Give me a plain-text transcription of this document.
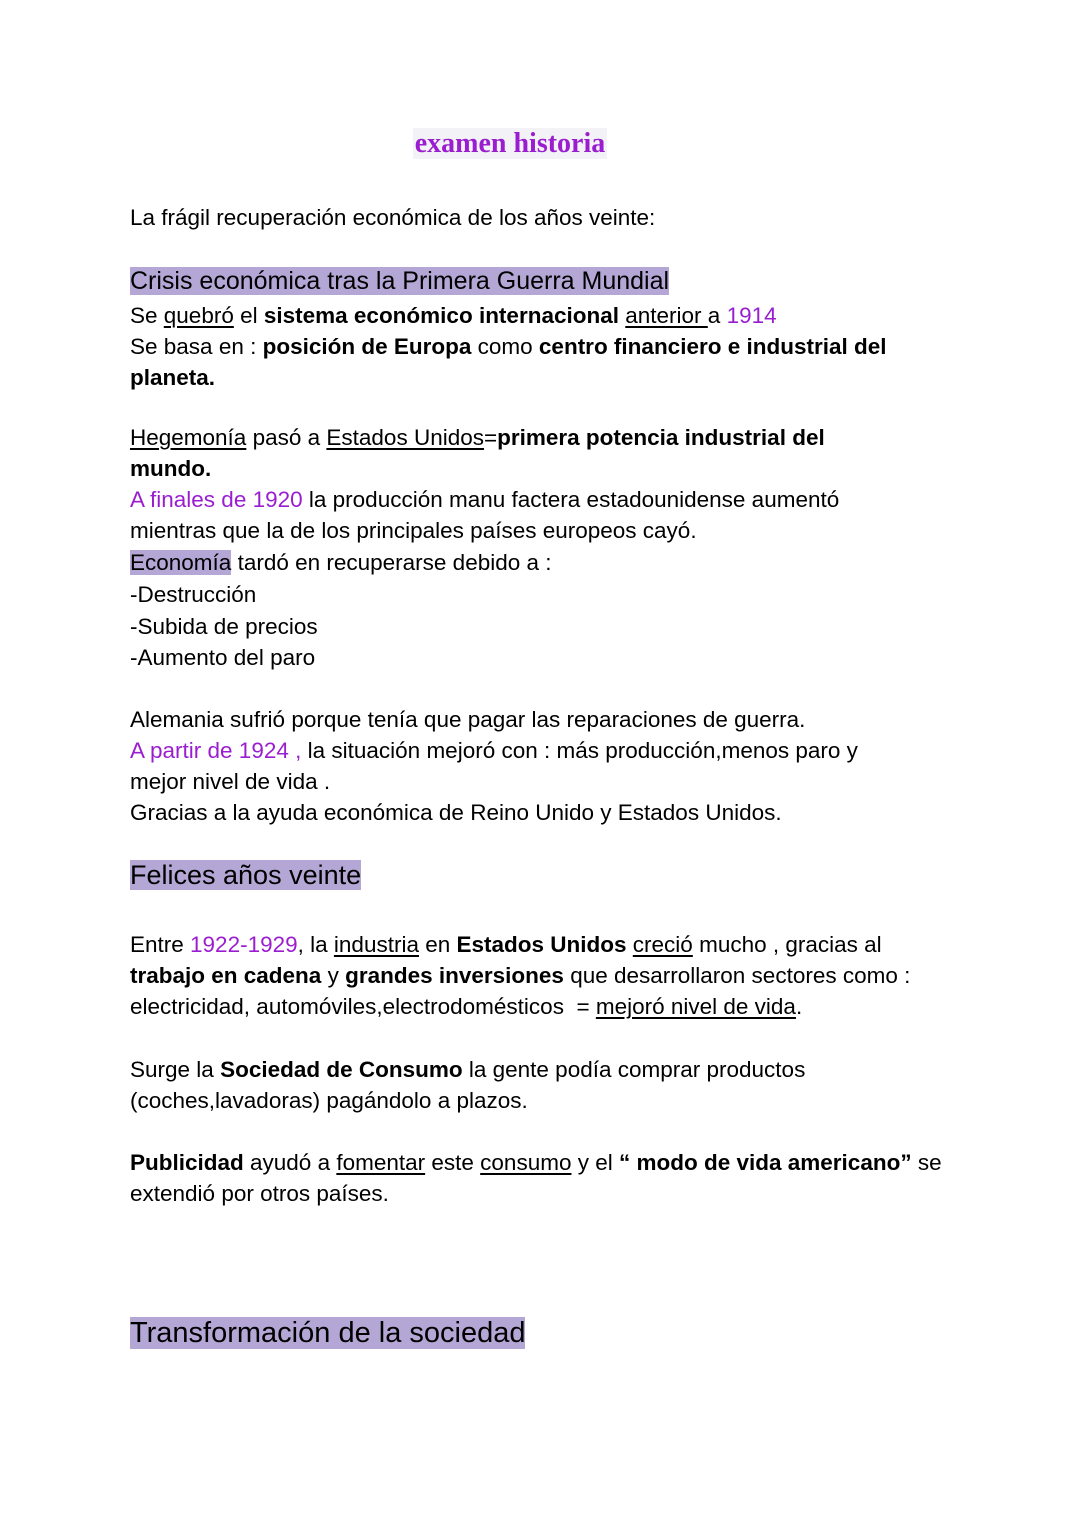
examen historia
La frágil recuperación económica de los años veinte:
Crisis económica tras la Primera Guerra Mundial
Se quebró el sistema económico internacional anterior a 1914
Se basa en : posición de Europa como centro financiero e industrial del
planeta.
Hegemonía pasó a Estados Unidos=primera potencia industrial del
mundo.
A finales de 1920 la producción manu factera estadounidense aumentó
mientras que la de los principales países europeos cayó.
Economía tardó en recuperarse debido a :
-Destrucción
-Subida de precios
-Aumento del paro
Alemania sufrió porque tenía que pagar las reparaciones de guerra.
A partir de 1924 , la situación mejoró con : más producción,menos paro y
mejor nivel de vida .
Gracias a la ayuda económica de Reino Unido y Estados Unidos.
Felices años veinte
Entre 1922-1929, la industria en Estados Unidos creció mucho , gracias al
trabajo en cadena y grandes inversiones que desarrollaron sectores como :
electricidad, automóviles,electrodomésticos  = mejoró nivel de vida.
Surge la Sociedad de Consumo la gente podía comprar productos
(coches,lavadoras) pagándolo a plazos.
Publicidad ayudó a fomentar este consumo y el “ modo de vida americano” se
extendió por otros países.
Transformación de la sociedad
